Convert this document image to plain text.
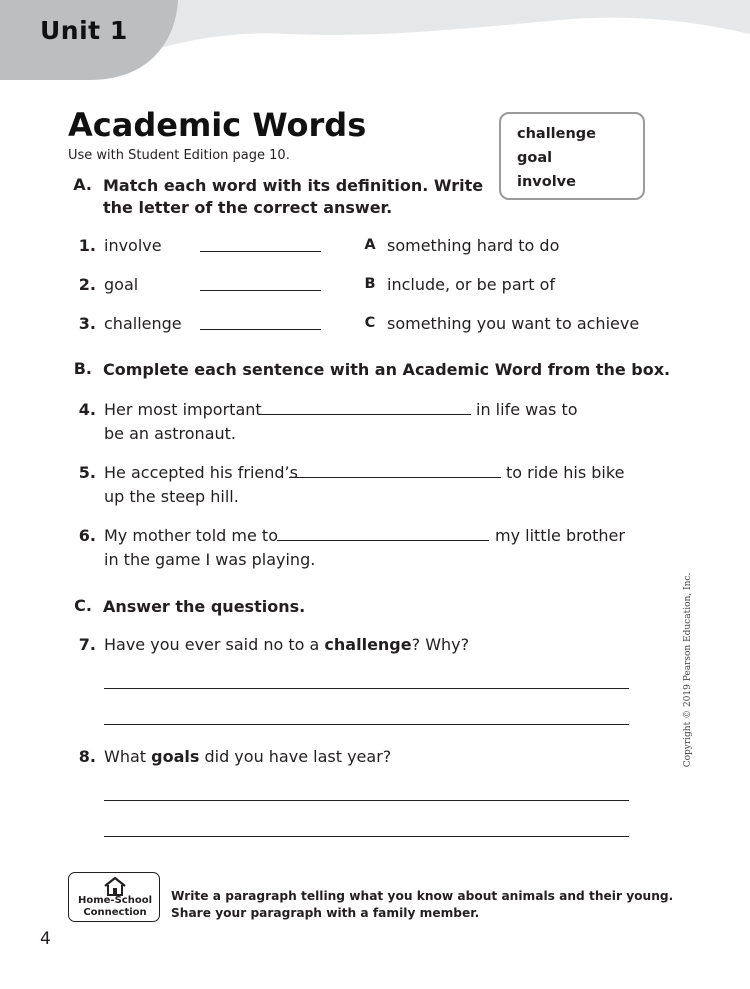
Unit 1
Academic Words
Use with Student Edition page 10.
challenge
goal
involve
A. Match each word with its definition. Write
the letter of the correct answer.
1. involve	A something hard to do
2. goal	B include, or be part of
3. challenge	C something you want to achieve
B. Complete each sentence with an Academic Word from the box.
4. Her most important	in life was to
be an astronaut.
5. He accepted his friend’s	to ride his bike
up the steep hill.
6. My mother told me to	my little brother
in the game I was playing.
C. Answer the questions.
7. Have you ever said no to a challenge? Why?
8. What goals did you have last year?
Home-School
Connection
Write a paragraph telling what you know about animals and their young.
Share your paragraph with a family member.
4
Copyright © 2019 Pearson Education, Inc.
